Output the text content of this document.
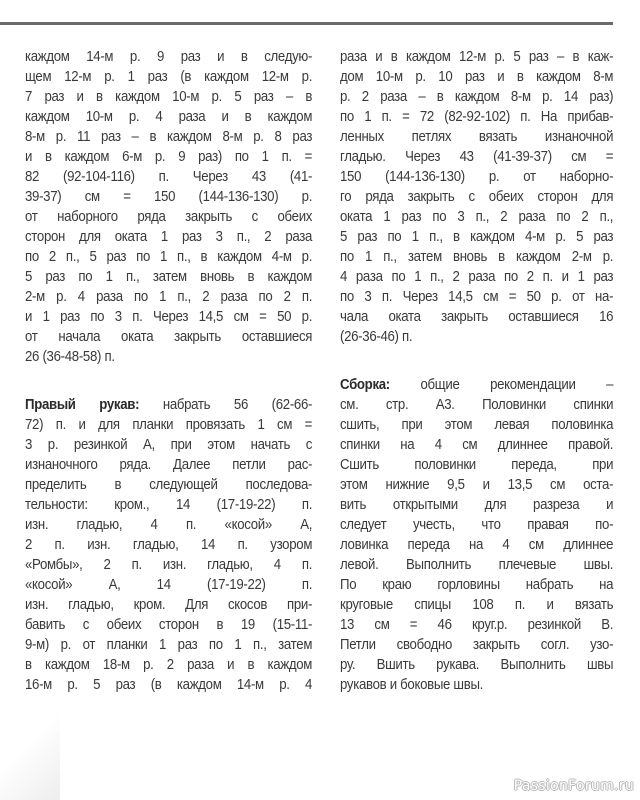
каждом 14-м р. 9 раз и в следую-
щем 12-м р. 1 раз (в каждом 12-м р.
7 раз и в каждом 10-м р. 5 раз – в
каждом 10-м р. 4 раза и в каждом
8-м р. 11 раз – в каждом 8-м р. 8 раз
и в каждом 6-м р. 9 раз) по 1 п. =
82 (92-104-116) п. Через 43 (41-
39-37) см = 150 (144-136-130) р.
от наборного ряда закрыть с обеих
сторон для оката 1 раз 3 п., 2 раза
по 2 п., 5 раз по 1 п., в каждом 4-м р.
5 раз по 1 п., затем вновь в каждом
2-м р. 4 раза по 1 п., 2 раза по 2 п.
и 1 раз по 3 п. Через 14,5 см = 50 р.
от начала оката закрыть оставшиеся
26 (36-48-58) п.
Правый рукав: набрать 56 (62-66-
72) п. и для планки провязать 1 см =
3 р. резинкой А, при этом начать с
изнаночного ряда. Далее петли рас-
пределить в следующей последова-
тельности: кром., 14 (17-19-22) п.
изн. гладью, 4 п. «косой» А,
2 п. изн. гладью, 14 п. узором
«Ромбы», 2 п. изн. гладью, 4 п.
«косой» А, 14 (17-19-22) п.
изн. гладью, кром. Для скосов при-
бавить с обеих сторон в 19 (15-11-
9-м) р. от планки 1 раз по 1 п., затем
в каждом 18-м р. 2 раза и в каждом
16-м р. 5 раз (в каждом 14-м р. 4
раза и в каждом 12-м р. 5 раз – в каж-
дом 10-м р. 10 раз и в каждом 8-м
р. 2 раза – в каждом 8-м р. 14 раз)
по 1 п. = 72 (82-92-102) п. На прибав-
ленных петлях вязать изнаночной
гладью. Через 43 (41-39-37) см =
150 (144-136-130) р. от наборно-
го ряда закрыть с обеих сторон для
оката 1 раз по 3 п., 2 раза по 2 п.,
5 раз по 1 п., в каждом 4-м р. 5 раз
по 1 п., затем вновь в каждом 2-м р.
4 раза по 1 п., 2 раза по 2 п. и 1 раз
по 3 п. Через 14,5 см = 50 р. от на-
чала оката закрыть оставшиеся 16
(26-36-46) п.
Сборка: общие рекомендации –
см. стр. А3. Половинки спинки
сшить, при этом левая половинка
спинки на 4 см длиннее правой.
Сшить половинки переда, при
этом нижние 9,5 и 13,5 см оста-
вить открытыми для разреза и
следует учесть, что правая по-
ловинка переда на 4 см длиннее
левой. Выполнить плечевые швы.
По краю горловины набрать на
круговые спицы 108 п. и вязать
13 см = 46 круг.р. резинкой В.
Петли свободно закрыть согл. узо-
ру. Вшить рукава. Выполнить швы
рукавов и боковые швы.
PassionForum.ru
